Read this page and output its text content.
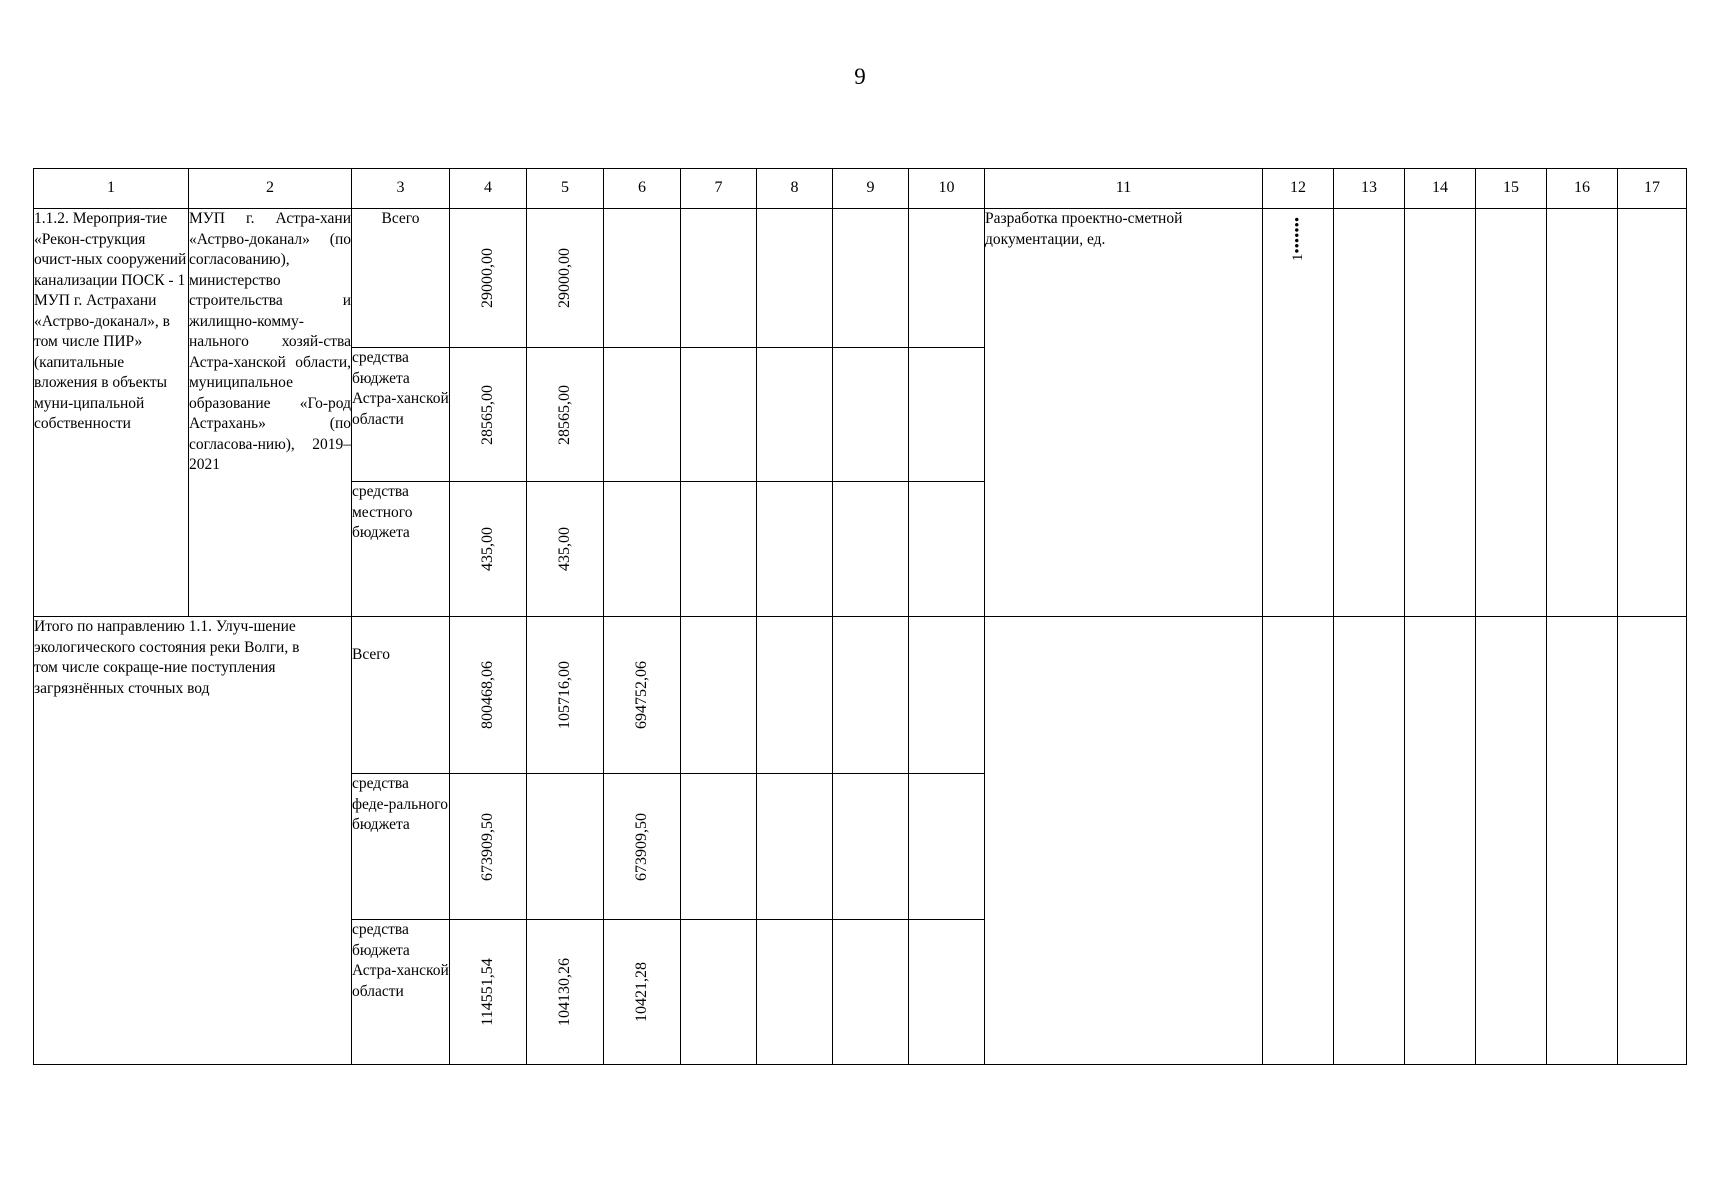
9
1	2	3	4	5	6	7	8	9	10	11	12	13	14	15	16	17
1.1.2. Мероприя-тие «Рекон-струкция очист-ных сооружений канализации ПОСК - 1 МУП г. Астрахани «Астрво-доканал», в том числе ПИР» (капитальные вложения в объекты муни-ципальной собственности	МУП г. Астра-хани «Астрво-доканал» (по согласованию), министерство строительства и жилищно-комму-нального хозяй-ства Астра-ханской области, муниципальное образование «Го-род Астрахань» (по согласова-нию), 2019– 2021	Всего	29000,00	29000,00						Разработка проектно-сметной документации, ед.	1•••••••					

		средства бюджета Астра-ханской области	28565,00	28565,00												

		средства местного бюджета	435,00	435,00												

Итого по направлению 1.1. Улуч-шение экологического состояния реки Волги, в том числе сокраще-ние поступления загрязнённых сточных вод		Всего	800468,06	105716,00	694752,06											

		средства феде-рального бюджета	673909,50		673909,50											

		средства бюджета Астра-ханской области	114551,54	104130,26	10421,28											
